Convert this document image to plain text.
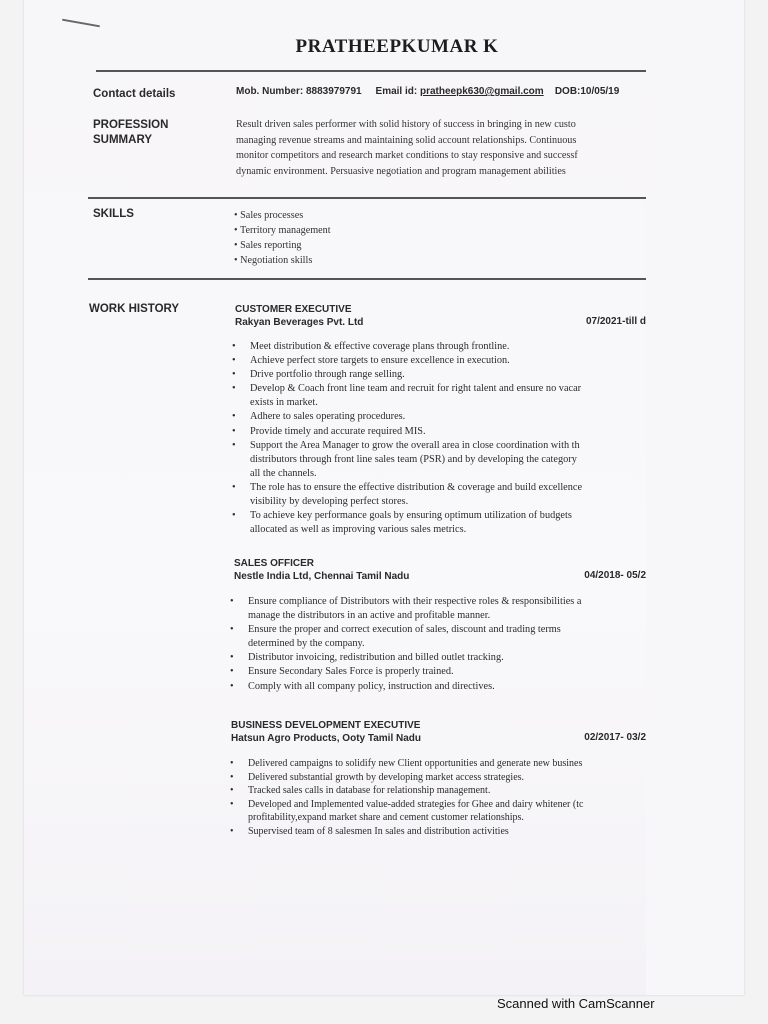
PRATHEEPKUMAR K
Contact details	Mob. Number: 8883979791 Email id: pratheepk630@gmail.com DOB:10/05/19
PROFESSION
SUMMARY
Result driven sales performer with solid history of success in bringing in new custo
managing revenue streams and maintaining solid account relationships. Continuous
monitor competitors and research market conditions to stay responsive and successf
dynamic environment. Persuasive negotiation and program management abilities
SKILLS
•	Sales processes
• Territory management
• Sales reporting
• Negotiation skills
WORK HISTORY	CUSTOMER EXECUTIVE
Rakyan Beverages Pvt. Ltd	07/2021-till d
• Meet distribution & effective coverage plans through frontline.
• Achieve perfect store targets to ensure excellence in execution.
• Drive portfolio through range selling.
• Develop & Coach front line team and recruit for right talent and ensure no vacar
exists in market.
• Adhere to sales operating procedures.
• Provide timely and accurate required MIS.
• Support the Area Manager to grow the overall area in close coordination with th
distributors through front line sales team (PSR) and by developing the category
all the channels.
• The role has to ensure the effective distribution & coverage and build excellence
visibility by developing perfect stores.
• To achieve key performance goals by ensuring optimum utilization of budgets
allocated as well as improving various sales metrics.
SALES OFFICER
Nestle India Ltd, Chennai Tamil Nadu	04/2018- 05/2
• Ensure compliance of Distributors with their respective roles & responsibilities a
manage the distributors in an active and profitable manner.
• Ensure the proper and correct execution of sales, discount and trading terms
determined by the company.
• Distributor invoicing, redistribution and billed outlet tracking.
• Ensure Secondary Sales Force is properly trained.
• Comply with all company policy, instruction and directives.
BUSINESS DEVELOPMENT EXECUTIVE
Hatsun Agro Products, Ooty Tamil Nadu	02/2017- 03/2
• Delivered campaigns to solidify new Client opportunities and generate new busines
• Delivered substantial growth by developing market access strategies.
• Tracked sales calls in database for relationship management.
• Developed and Implemented value-added strategies for Ghee and dairy whitener (tc
profitability,expand market share and cement customer relationships.
• Supervised team of 8 salesmen In sales and distribution activities
Scanned with CamScanner
